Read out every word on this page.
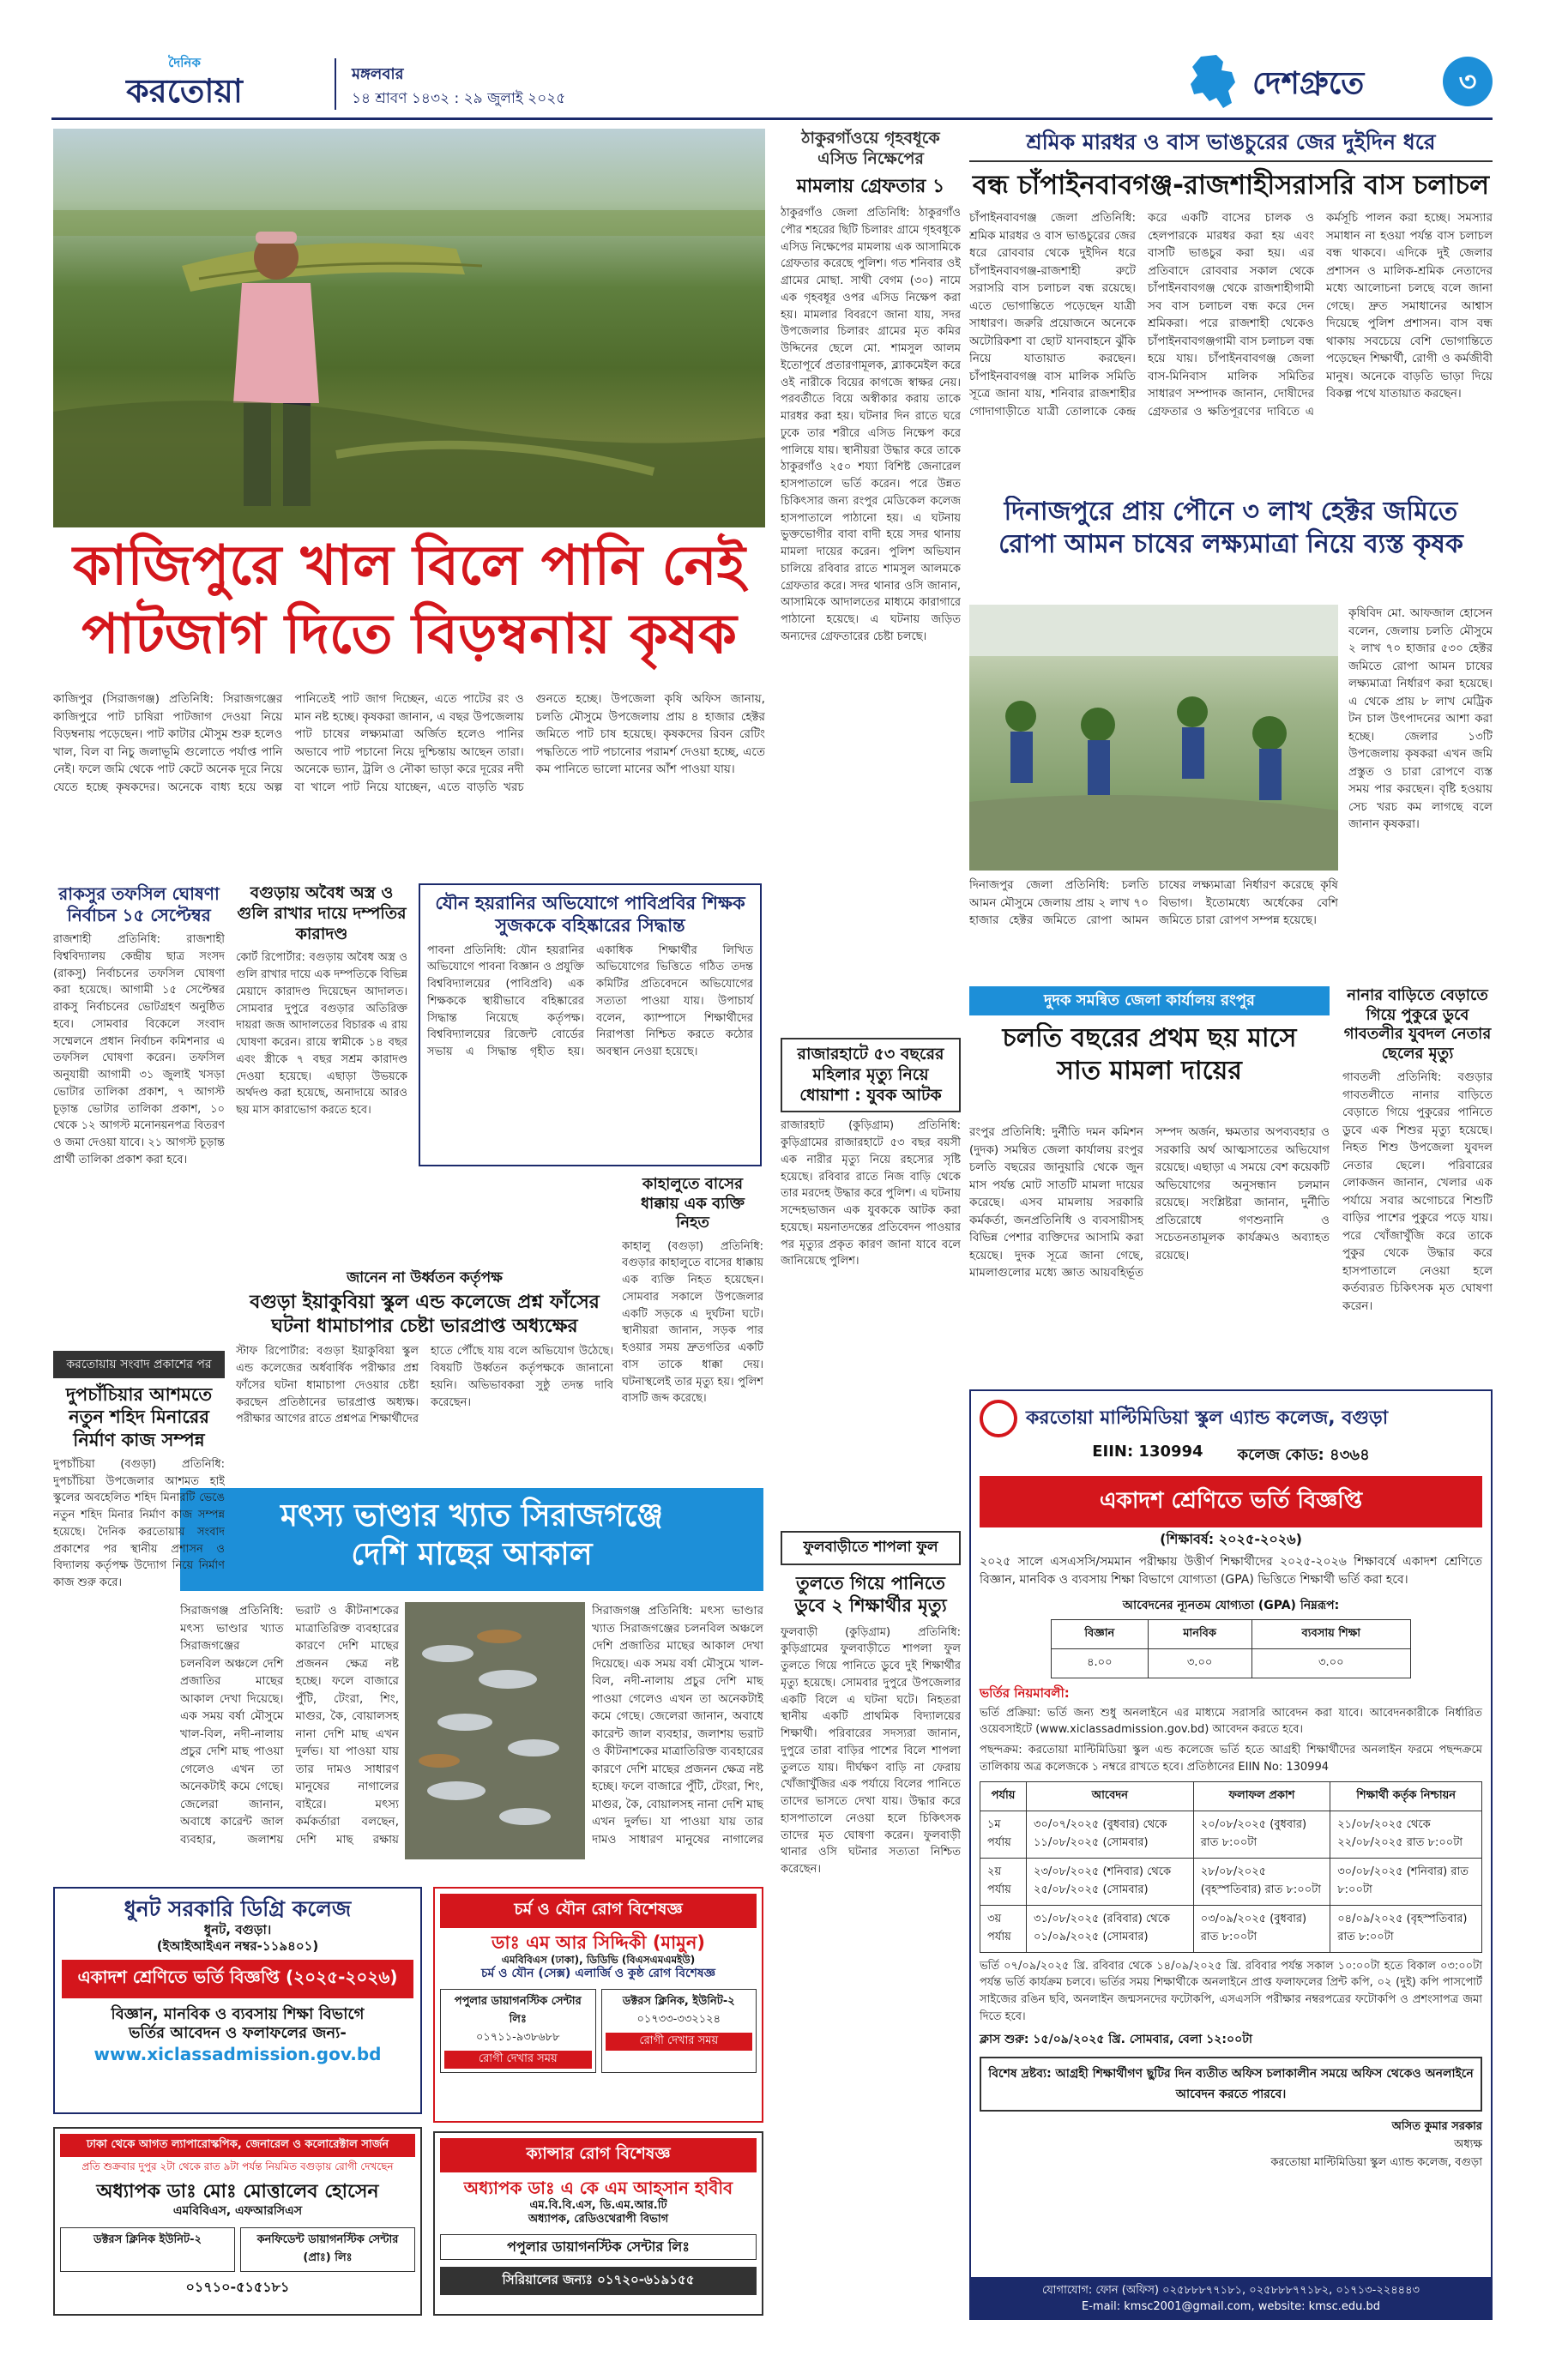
দৈনিক
করতোয়া	মঙ্গলবার
১৪ শ্রাবণ ১৪৩২ : ২৯ জুলাই ২০২৫	দেশগ্রুতে	৩
কাজিপুরে খাল বিলে পানি নেই
পাটজাগ দিতে বিড়ম্বনায় কৃষক
কাজিপুর (সিরাজগঞ্জ) প্রতিনিধি: সিরাজগঞ্জের কাজিপুরে পাট চাষিরা পাটজাগ দেওয়া নিয়ে বিড়ম্বনায় পড়েছেন। পাট কাটার মৌসুম শুরু হলেও খাল, বিল বা নিচু জলাভূমি গুলোতে পর্যাপ্ত পানি নেই। ফলে জমি থেকে পাট কেটে অনেক দূরে নিয়ে যেতে হচ্ছে কৃষকদের। অনেকে বাধ্য হয়ে অল্প পানিতেই পাট জাগ দিচ্ছেন, এতে পাটের রং ও মান নষ্ট হচ্ছে। কৃষকরা জানান, এ বছর উপজেলায় পাট চাষের লক্ষ্যমাত্রা অর্জিত হলেও পানির অভাবে পাট পচানো নিয়ে দুশ্চিন্তায় আছেন তারা। অনেকে ভ্যান, ট্রলি ও নৌকা ভাড়া করে দূরের নদী বা খালে পাট নিয়ে যাচ্ছেন, এতে বাড়তি খরচ গুনতে হচ্ছে। উপজেলা কৃষি অফিস জানায়, চলতি মৌসুমে উপজেলায় প্রায় ৪ হাজার হেক্টর জমিতে পাট চাষ হয়েছে। কৃষকদের রিবন রেটিং পদ্ধতিতে পাট পচানোর পরামর্শ দেওয়া হচ্ছে, এতে কম পানিতে ভালো মানের আঁশ পাওয়া যায়।
ঠাকুরগাঁওয়ে গৃহবধূকে এসিড নিক্ষেপের
মামলায় গ্রেফতার ১
ঠাকুরগাঁও জেলা প্রতিনিধি: ঠাকুরগাঁও পৌর শহরের ছিটি চিলারং গ্রামে গৃহবধূকে এসিড নিক্ষেপের মামলায় এক আসামিকে গ্রেফতার করেছে পুলিশ। গত শনিবার ওই গ্রামের মোছা. সাথী বেগম (৩০) নামে এক গৃহবধূর ওপর এসিড নিক্ষেপ করা হয়। মামলার বিবরণে জানা যায়, সদর উপজেলার চিলারং গ্রামের মৃত কমির উদ্দিনের ছেলে মো. শামসুল আলম ইতোপূর্বে প্রতারণামূলক, ব্ল্যাকমেইল করে ওই নারীকে বিয়ের কাগজে স্বাক্ষর নেয়। পরবর্তীতে বিয়ে অস্বীকার করায় তাকে মারধর করা হয়। ঘটনার দিন রাতে ঘরে ঢুকে তার শরীরে এসিড নিক্ষেপ করে পালিয়ে যায়। স্থানীয়রা উদ্ধার করে তাকে ঠাকুরগাঁও ২৫০ শয্যা বিশিষ্ট জেনারেল হাসপাতালে ভর্তি করেন। পরে উন্নত চিকিৎসার জন্য রংপুর মেডিকেল কলেজ হাসপাতালে পাঠানো হয়। এ ঘটনায় ভুক্তভোগীর বাবা বাদী হয়ে সদর থানায় মামলা দায়ের করেন। পুলিশ অভিযান চালিয়ে রবিবার রাতে শামসুল আলমকে গ্রেফতার করে। সদর থানার ওসি জানান, আসামিকে আদালতের মাধ্যমে কারাগারে পাঠানো হয়েছে। এ ঘটনায় জড়িত অন্যদের গ্রেফতারের চেষ্টা চলছে।
শ্রমিক মারধর ও বাস ভাঙচুরের জের দুইদিন ধরে
বন্ধ চাঁপাইনবাবগঞ্জ-রাজশাহীসরাসরি বাস চলাচল
চাঁপাইনবাবগঞ্জ জেলা প্রতিনিধি: শ্রমিক মারধর ও বাস ভাঙচুরের জের ধরে রোববার থেকে দুইদিন ধরে চাঁপাইনবাবগঞ্জ-রাজশাহী রুটে সরাসরি বাস চলাচল বন্ধ রয়েছে। এতে ভোগান্তিতে পড়েছেন যাত্রী সাধারণ। জরুরি প্রয়োজনে অনেকে অটোরিকশা বা ছোট যানবাহনে ঝুঁকি নিয়ে যাতায়াত করছেন। চাঁপাইনবাবগঞ্জ বাস মালিক সমিতি সূত্রে জানা যায়, শনিবার রাজশাহীর গোদাগাড়ীতে যাত্রী তোলাকে কেন্দ্র করে একটি বাসের চালক ও হেলপারকে মারধর করা হয় এবং বাসটি ভাঙচুর করা হয়। এর প্রতিবাদে রোববার সকাল থেকে চাঁপাইনবাবগঞ্জ থেকে রাজশাহীগামী সব বাস চলাচল বন্ধ করে দেন শ্রমিকরা। পরে রাজশাহী থেকেও চাঁপাইনবাবগঞ্জগামী বাস চলাচল বন্ধ হয়ে যায়। চাঁপাইনবাবগঞ্জ জেলা বাস-মিনিবাস মালিক সমিতির সাধারণ সম্পাদক জানান, দোষীদের গ্রেফতার ও ক্ষতিপূরণের দাবিতে এ কর্মসূচি পালন করা হচ্ছে। সমস্যার সমাধান না হওয়া পর্যন্ত বাস চলাচল বন্ধ থাকবে। এদিকে দুই জেলার প্রশাসন ও মালিক-শ্রমিক নেতাদের মধ্যে আলোচনা চলছে বলে জানা গেছে। দ্রুত সমাধানের আশ্বাস দিয়েছে পুলিশ প্রশাসন। বাস বন্ধ থাকায় সবচেয়ে বেশি ভোগান্তিতে পড়েছেন শিক্ষার্থী, রোগী ও কর্মজীবী মানুষ। অনেকে বাড়তি ভাড়া দিয়ে বিকল্প পথে যাতায়াত করছেন।
দিনাজপুরে প্রায় পৌনে ৩ লাখ হেক্টর জমিতে
রোপা আমন চাষের লক্ষ্যমাত্রা নিয়ে ব্যস্ত কৃষক
দিনাজপুর জেলা প্রতিনিধি: চলতি আমন মৌসুমে জেলায় প্রায় ২ লাখ ৭০ হাজার হেক্টর জমিতে রোপা আমন চাষের লক্ষ্যমাত্রা নির্ধারণ করেছে কৃষি বিভাগ। ইতোমধ্যে অর্ধেকের বেশি জমিতে চারা রোপণ সম্পন্ন হয়েছে।
কৃষিবিদ মো. আফজাল হোসেন বলেন, জেলায় চলতি মৌসুমে ২ লাখ ৭০ হাজার ৫৩০ হেক্টর জমিতে রোপা আমন চাষের লক্ষ্যমাত্রা নির্ধারণ করা হয়েছে। এ থেকে প্রায় ৮ লাখ মেট্রিক টন চাল উৎপাদনের আশা করা হচ্ছে। জেলার ১৩টি উপজেলায় কৃষকরা এখন জমি প্রস্তুত ও চারা রোপণে ব্যস্ত সময় পার করছেন। বৃষ্টি হওয়ায় সেচ খরচ কম লাগছে বলে জানান কৃষকরা।
দুদক সমন্বিত জেলা কার্যালয় রংপুর
চলতি বছরের প্রথম ছয় মাসে
সাত মামলা দায়ের
রংপুর প্রতিনিধি: দুর্নীতি দমন কমিশন (দুদক) সমন্বিত জেলা কার্যালয় রংপুর চলতি বছরের জানুয়ারি থেকে জুন মাস পর্যন্ত মোট সাতটি মামলা দায়ের করেছে। এসব মামলায় সরকারি কর্মকর্তা, জনপ্রতিনিধি ও ব্যবসায়ীসহ বিভিন্ন পেশার ব্যক্তিদের আসামি করা হয়েছে। দুদক সূত্রে জানা গেছে, মামলাগুলোর মধ্যে জ্ঞাত আয়বহির্ভূত সম্পদ অর্জন, ক্ষমতার অপব্যবহার ও সরকারি অর্থ আত্মসাতের অভিযোগ রয়েছে। এছাড়া এ সময়ে বেশ কয়েকটি অভিযোগের অনুসন্ধান চলমান রয়েছে। সংশ্লিষ্টরা জানান, দুর্নীতি প্রতিরোধে গণশুনানি ও সচেতনতামূলক কার্যক্রমও অব্যাহত রয়েছে।
নানার বাড়িতে বেড়াতে গিয়ে পুকুরে ডুবে গাবতলীর যুবদল নেতার ছেলের মৃত্যু
গাবতলী প্রতিনিধি: বগুড়ার গাবতলীতে নানার বাড়িতে বেড়াতে গিয়ে পুকুরের পানিতে ডুবে এক শিশুর মৃত্যু হয়েছে। নিহত শিশু উপজেলা যুবদল নেতার ছেলে। পরিবারের লোকজন জানান, খেলার এক পর্যায়ে সবার অগোচরে শিশুটি বাড়ির পাশের পুকুরে পড়ে যায়। পরে খোঁজাখুঁজি করে তাকে পুকুর থেকে উদ্ধার করে হাসপাতালে নেওয়া হলে কর্তব্যরত চিকিৎসক মৃত ঘোষণা করেন।
রাকসুর তফসিল ঘোষণা নির্বাচন ১৫ সেপ্টেম্বর
রাজশাহী প্রতিনিধি: রাজশাহী বিশ্ববিদ্যালয় কেন্দ্রীয় ছাত্র সংসদ (রাকসু) নির্বাচনের তফসিল ঘোষণা করা হয়েছে। আগামী ১৫ সেপ্টেম্বর রাকসু নির্বাচনের ভোটগ্রহণ অনুষ্ঠিত হবে। সোমবার বিকেলে সংবাদ সম্মেলনে প্রধান নির্বাচন কমিশনার এ তফসিল ঘোষণা করেন। তফসিল অনুযায়ী আগামী ৩১ জুলাই খসড়া ভোটার তালিকা প্রকাশ, ৭ আগস্ট চূড়ান্ত ভোটার তালিকা প্রকাশ, ১০ থেকে ১২ আগস্ট মনোনয়নপত্র বিতরণ ও জমা দেওয়া যাবে। ২১ আগস্ট চূড়ান্ত প্রার্থী তালিকা প্রকাশ করা হবে।
বগুড়ায় অবৈধ অস্ত্র ও গুলি রাখার দায়ে দম্পতির কারাদণ্ড
কোর্ট রিপোর্টার: বগুড়ায় অবৈধ অস্ত্র ও গুলি রাখার দায়ে এক দম্পতিকে বিভিন্ন মেয়াদে কারাদণ্ড দিয়েছেন আদালত। সোমবার দুপুরে বগুড়ার অতিরিক্ত দায়রা জজ আদালতের বিচারক এ রায় ঘোষণা করেন। রায়ে স্বামীকে ১৪ বছর এবং স্ত্রীকে ৭ বছর সশ্রম কারাদণ্ড দেওয়া হয়েছে। এছাড়া উভয়কে অর্থদণ্ড করা হয়েছে, অনাদায়ে আরও ছয় মাস কারাভোগ করতে হবে।
যৌন হয়রানির অভিযোগে পাবিপ্রবির শিক্ষক সুজককে বহিষ্কারের সিদ্ধান্ত
পাবনা প্রতিনিধি: যৌন হয়রানির অভিযোগে পাবনা বিজ্ঞান ও প্রযুক্তি বিশ্ববিদ্যালয়ের (পাবিপ্রবি) এক শিক্ষককে স্থায়ীভাবে বহিষ্কারের সিদ্ধান্ত নিয়েছে কর্তৃপক্ষ। বিশ্ববিদ্যালয়ের রিজেন্ট বোর্ডের সভায় এ সিদ্ধান্ত গৃহীত হয়। একাধিক শিক্ষার্থীর লিখিত অভিযোগের ভিত্তিতে গঠিত তদন্ত কমিটির প্রতিবেদনে অভিযোগের সত্যতা পাওয়া যায়। উপাচার্য বলেন, ক্যাম্পাসে শিক্ষার্থীদের নিরাপত্তা নিশ্চিত করতে কঠোর অবস্থান নেওয়া হয়েছে।
জানেন না উর্ধ্বতন কর্তৃপক্ষ
বগুড়া ইয়াকুবিয়া স্কুল এন্ড কলেজে প্রশ্ন ফাঁসের ঘটনা ধামাচাপার চেষ্টা ভারপ্রাপ্ত অধ্যক্ষের
স্টাফ রিপোর্টার: বগুড়া ইয়াকুবিয়া স্কুল এন্ড কলেজের অর্ধবার্ষিক পরীক্ষার প্রশ্ন ফাঁসের ঘটনা ধামাচাপা দেওয়ার চেষ্টা করছেন প্রতিষ্ঠানের ভারপ্রাপ্ত অধ্যক্ষ। পরীক্ষার আগের রাতে প্রশ্নপত্র শিক্ষার্থীদের হাতে পৌঁছে যায় বলে অভিযোগ উঠেছে। বিষয়টি উর্ধ্বতন কর্তৃপক্ষকে জানানো হয়নি। অভিভাবকরা সুষ্ঠু তদন্ত দাবি করেছেন।
কাহালুতে বাসের ধাক্কায় এক ব্যক্তি নিহত
কাহালু (বগুড়া) প্রতিনিধি: বগুড়ার কাহালুতে বাসের ধাক্কায় এক ব্যক্তি নিহত হয়েছেন। সোমবার সকালে উপজেলার একটি সড়কে এ দুর্ঘটনা ঘটে। স্থানীয়রা জানান, সড়ক পার হওয়ার সময় দ্রুতগতির একটি বাস তাকে ধাক্কা দেয়। ঘটনাস্থলেই তার মৃত্যু হয়। পুলিশ বাসটি জব্দ করেছে।
রাজারহাটে ৫৩ বছরের মহিলার মৃত্যু নিয়ে ধোয়াশা : যুবক আটক
রাজারহাট (কুড়িগ্রাম) প্রতিনিধি: কুড়িগ্রামের রাজারহাটে ৫৩ বছর বয়সী এক নারীর মৃত্যু নিয়ে রহস্যের সৃষ্টি হয়েছে। রবিবার রাতে নিজ বাড়ি থেকে তার মরদেহ উদ্ধার করে পুলিশ। এ ঘটনায় সন্দেহভাজন এক যুবককে আটক করা হয়েছে। ময়নাতদন্তের প্রতিবেদন পাওয়ার পর মৃত্যুর প্রকৃত কারণ জানা যাবে বলে জানিয়েছে পুলিশ।
মৎস্য ভাণ্ডার খ্যাত সিরাজগঞ্জে
দেশি মাছের আকাল
সিরাজগঞ্জ প্রতিনিধি: মৎস্য ভাণ্ডার খ্যাত সিরাজগঞ্জের চলনবিল অঞ্চলে দেশি প্রজাতির মাছের আকাল দেখা দিয়েছে। এক সময় বর্ষা মৌসুমে খাল-বিল, নদী-নালায় প্রচুর দেশি মাছ পাওয়া গেলেও এখন তা অনেকটাই কমে গেছে। জেলেরা জানান, অবাধে কারেন্ট জাল ব্যবহার, জলাশয় ভরাট ও কীটনাশকের মাত্রাতিরিক্ত ব্যবহারের কারণে দেশি মাছের প্রজনন ক্ষেত্র নষ্ট হচ্ছে। ফলে বাজারে পুঁটি, টেংরা, শিং, মাগুর, কৈ, বোয়ালসহ নানা দেশি মাছ এখন দুর্লভ। যা পাওয়া যায় তার দামও সাধারণ মানুষের নাগালের বাইরে। মৎস্য কর্মকর্তারা বলছেন, দেশি মাছ রক্ষায়
সিরাজগঞ্জ প্রতিনিধি: মৎস্য ভাণ্ডার খ্যাত সিরাজগঞ্জের চলনবিল অঞ্চলে দেশি প্রজাতির মাছের আকাল দেখা দিয়েছে। এক সময় বর্ষা মৌসুমে খাল-বিল, নদী-নালায় প্রচুর দেশি মাছ পাওয়া গেলেও এখন তা অনেকটাই কমে গেছে। জেলেরা জানান, অবাধে কারেন্ট জাল ব্যবহার, জলাশয় ভরাট ও কীটনাশকের মাত্রাতিরিক্ত ব্যবহারের কারণে দেশি মাছের প্রজনন ক্ষেত্র নষ্ট হচ্ছে। ফলে বাজারে পুঁটি, টেংরা, শিং, মাগুর, কৈ, বোয়ালসহ নানা দেশি মাছ এখন দুর্লভ। যা পাওয়া যায় তার দামও সাধারণ মানুষের নাগালের
করতোয়ায় সংবাদ প্রকাশের পর
দুপচাঁচিয়ার আশমতে নতুন শহিদ মিনারের নির্মাণ কাজ সম্পন্ন
দুপচাঁচিয়া (বগুড়া) প্রতিনিধি: দুপচাঁচিয়া উপজেলার আশমত হাই স্কুলের অবহেলিত শহিদ মিনারটি ভেঙে নতুন শহিদ মিনার নির্মাণ কাজ সম্পন্ন হয়েছে। দৈনিক করতোয়ায় সংবাদ প্রকাশের পর স্থানীয় প্রশাসন ও বিদ্যালয় কর্তৃপক্ষ উদ্যোগ নিয়ে নির্মাণ কাজ শুরু করে।
ফুলবাড়ীতে শাপলা ফুল
তুলতে গিয়ে পানিতে ডুবে ২ শিক্ষার্থীর মৃত্যু
ফুলবাড়ী (কুড়িগ্রাম) প্রতিনিধি: কুড়িগ্রামের ফুলবাড়ীতে শাপলা ফুল তুলতে গিয়ে পানিতে ডুবে দুই শিক্ষার্থীর মৃত্যু হয়েছে। সোমবার দুপুরে উপজেলার একটি বিলে এ ঘটনা ঘটে। নিহতরা স্থানীয় একটি প্রাথমিক বিদ্যালয়ের শিক্ষার্থী। পরিবারের সদস্যরা জানান, দুপুরে তারা বাড়ির পাশের বিলে শাপলা তুলতে যায়। দীর্ঘক্ষণ বাড়ি না ফেরায় খোঁজাখুঁজির এক পর্যায়ে বিলের পানিতে তাদের ভাসতে দেখা যায়। উদ্ধার করে হাসপাতালে নেওয়া হলে চিকিৎসক তাদের মৃত ঘোষণা করেন। ফুলবাড়ী থানার ওসি ঘটনার সত্যতা নিশ্চিত করেছেন।
ধুনট সরকারি ডিগ্রি কলেজ
ধুনট, বগুড়া।
(ইআইআইএন নম্বর-১১৯৪০১)
একাদশ শ্রেণিতে ভর্তি বিজ্ঞপ্তি (২০২৫-২০২৬)
বিজ্ঞান, মানবিক ও ব্যবসায় শিক্ষা বিভাগে
ভর্তির আবেদন ও ফলাফলের জন্য-
www.xiclassadmission.gov.bd
চর্ম ও যৌন রোগ বিশেষজ্ঞ
ডাঃ এম আর সিদ্দিকী (মামুন)
এমবিবিএস (ঢাকা), ডিডিভি (বিএসএমএমইউ)
চর্ম ও যৌন (সেক্স) এলার্জি ও কুষ্ঠ রোগ বিশেষজ্ঞ
পপুলার ডায়াগনস্টিক সেন্টার লিঃ
০১৭১১-৯৩৮৬৮৮
রোগী দেখার সময়
ডক্টরস ক্লিনিক, ইউনিট-২
০১৭৩৩-৩৩২১২৪
রোগী দেখার সময়
ঢাকা থেকে আগত ল্যাপারোস্কপিক, জেনারেল ও কলোরেক্টাল সার্জন
প্রতি শুক্রবার দুপুর ২টা থেকে রাত ৯টা পর্যন্ত নিয়মিত বগুড়ায় রোগী দেখছেন
অধ্যাপক ডাঃ মোঃ মোত্তালেব হোসেন
এমবিবিএস, এফআরসিএস
ডক্টরস ক্লিনিক ইউনিট-২	কনফিডেন্ট ডায়াগনস্টিক সেন্টার (প্রাঃ) লিঃ
০১৭১০-৫১৫১৮১
ক্যান্সার রোগ বিশেষজ্ঞ
অধ্যাপক ডাঃ এ কে এম আহসান হাবীব
এম.বি.বি.এস, ডি.এম.আর.টি
অধ্যাপক, রেডিওথেরাপী বিভাগ
পপুলার ডায়াগনস্টিক সেন্টার লিঃ
সিরিয়ালের জন্যঃ ০১৭২০-৬১৯১৫৫
করতোয়া মাল্টিমিডিয়া স্কুল এ্যান্ড কলেজ, বগুড়া
EIIN: 130994 কলেজ কোড: ৪৩৬৪
একাদশ শ্রেণিতে ভর্তি বিজ্ঞপ্তি
(শিক্ষাবর্ষ: ২০২৫-২০২৬)
২০২৫ সালে এসএসসি/সমমান পরীক্ষায় উত্তীর্ণ শিক্ষার্থীদের ২০২৫-২০২৬ শিক্ষাবর্ষে একাদশ শ্রেণিতে বিজ্ঞান, মানবিক ও ব্যবসায় শিক্ষা বিভাগে যোগ্যতা (GPA) ভিত্তিতে শিক্ষার্থী ভর্তি করা হবে।
আবেদনের ন্যূনতম যোগ্যতা (GPA) নিম্নরূপ:
বিজ্ঞান	মানবিক	ব্যবসায় শিক্ষা
৪.০০	৩.০০	৩.০০
ভর্তির নিয়মাবলী:
ভর্তি প্রক্রিয়া: ভর্তি জন্য শুধু অনলাইনে এর মাধ্যমে সরাসরি আবেদন করা যাবে। আবেদনকারীকে নির্ধারিত ওয়েবসাইটে (www.xiclassadmission.gov.bd) আবেদন করতে হবে।
পছন্দক্রম: করতোয়া মাল্টিমিডিয়া স্কুল এন্ড কলেজে ভর্তি হতে আগ্রহী শিক্ষার্থীদের অনলাইন ফরমে পছন্দক্রমে তালিকায় অত্র কলেজকে ১ নম্বরে রাখতে হবে। প্রতিষ্ঠানের EIIN No: 130994
পর্যায়	আবেদন	ফলাফল প্রকাশ	শিক্ষার্থী কর্তৃক নিশ্চায়ন
১ম পর্যায়	৩০/০৭/২০২৫ (বুধবার) থেকে ১১/০৮/২০২৫ (সোমবার)	২০/০৮/২০২৫ (বুধবার) রাত ৮:০০টা	২১/০৮/২০২৫ থেকে ২২/০৮/২০২৫ রাত ৮:০০টা
২য় পর্যায়	২৩/০৮/২০২৫ (শনিবার) থেকে ২৫/০৮/২০২৫ (সোমবার)	২৮/০৮/২০২৫ (বৃহস্পতিবার) রাত ৮:০০টা	৩০/০৮/২০২৫ (শনিবার) রাত ৮:০০টা
৩য় পর্যায়	৩১/০৮/২০২৫ (রবিবার) থেকে ০১/০৯/২০২৫ (সোমবার)	০৩/০৯/২০২৫ (বুধবার) রাত ৮:০০টা	০৪/০৯/২০২৫ (বৃহস্পতিবার) রাত ৮:০০টা
ভর্তি ০৭/০৯/২০২৫ খ্রি. রবিবার থেকে ১৪/০৯/২০২৫ খ্রি. রবিবার পর্যন্ত সকাল ১০:০০টা হতে বিকাল ০৩:০০টা পর্যন্ত ভর্তি কার্যক্রম চলবে। ভর্তির সময় শিক্ষার্থীকে অনলাইনে প্রাপ্ত ফলাফলের প্রিন্ট কপি, ০২ (দুই) কপি পাসপোর্ট সাইজের রঙিন ছবি, অনলাইন জন্মসনদের ফটোকপি, এসএসসি পরীক্ষার নম্বরপত্রের ফটোকপি ও প্রশংসাপত্র জমা দিতে হবে।
ক্লাস শুরু: ১৫/০৯/২০২৫ খ্রি. সোমবার, বেলা ১২:০০টা
বিশেষ দ্রষ্টব্য: আগ্রহী শিক্ষার্থীগণ ছুটির দিন ব্যতীত অফিস চলাকালীন সময়ে অফিস থেকেও অনলাইনে আবেদন করতে পারবে।
অসিত কুমার সরকার
অধ্যক্ষ
করতোয়া মাল্টিমিডিয়া স্কুল এ্যান্ড কলেজ, বগুড়া
যোগাযোগ: ফোন (অফিস) ০২৫৮৮৮৭৭১৮১, ০২৫৮৮৮৭৭১৮২, ০১৭১৩-২২৪৪৪৩
E-mail: kmsc2001@gmail.com, website: kmsc.edu.bd
